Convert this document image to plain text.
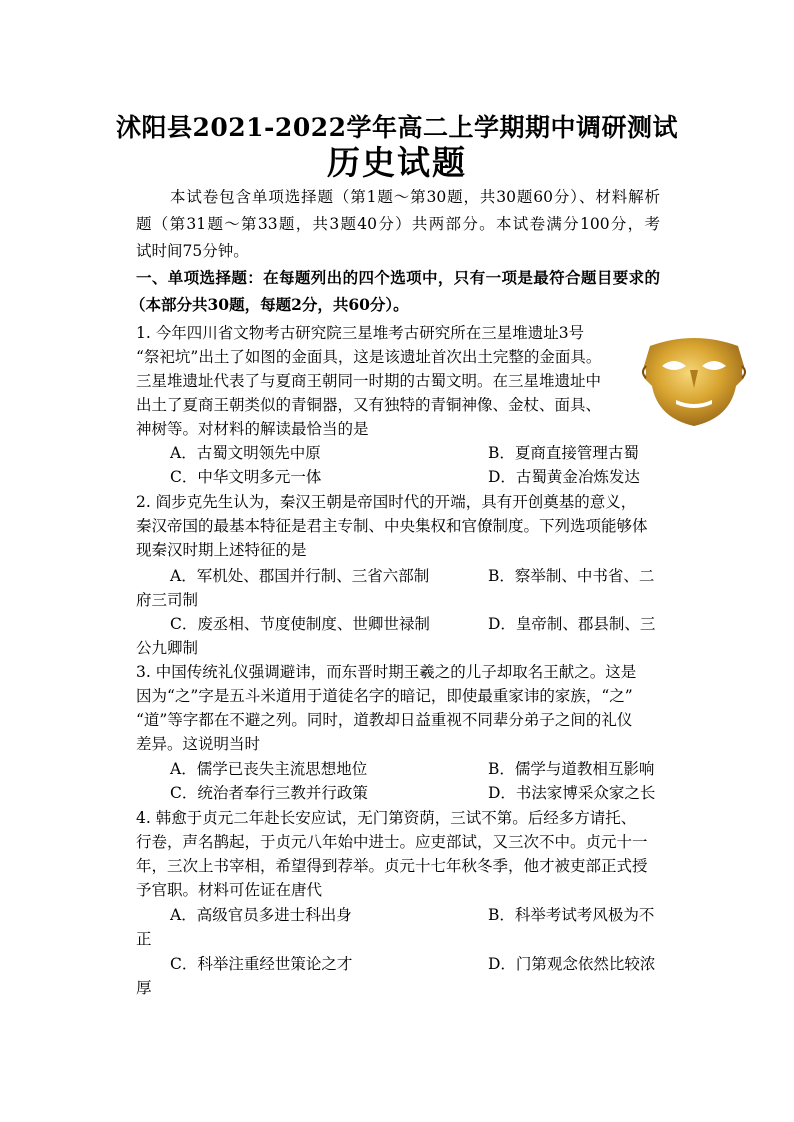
沭阳县2021-2022学年高二上学期期中调研测试
历史试题
本试卷包含单项选择题（第1题～第30题，共30题60分）、材料解析
题（第31题～第33题，共3题40分）共两部分。本试卷满分100分，考
试时间75分钟。
一、单项选择题：在每题列出的四个选项中，只有一项是最符合题目要求的
（本部分共30题，每题2分，共60分）。
1. 今年四川省文物考古研究院三星堆考古研究所在三星堆遗址3号
“祭祀坑”出土了如图的金面具，这是该遗址首次出土完整的金面具。
三星堆遗址代表了与夏商王朝同一时期的古蜀文明。在三星堆遗址中
出土了夏商王朝类似的青铜器，又有独特的青铜神像、金杖、面具、
神树等。对材料的解读最恰当的是
A．古蜀文明领先中原	B．夏商直接管理古蜀
C．中华文明多元一体	D．古蜀黄金冶炼发达
2. 阎步克先生认为，秦汉王朝是帝国时代的开端，具有开创奠基的意义，
秦汉帝国的最基本特征是君主专制、中央集权和官僚制度。下列选项能够体
现秦汉时期上述特征的是
A．军机处、郡国并行制、三省六部制	B．察举制、中书省、二
府三司制
C．废丞相、节度使制度、世卿世禄制	D．皇帝制、郡县制、三
公九卿制
3. 中国传统礼仪强调避讳，而东晋时期王羲之的儿子却取名王献之。这是
因为“之”字是五斗米道用于道徒名字的暗记，即使最重家讳的家族，“之”
“道”等字都在不避之列。同时，道教却日益重视不同辈分弟子之间的礼仪
差异。这说明当时
A．儒学已丧失主流思想地位	B．儒学与道教相互影响
C．统治者奉行三教并行政策	D．书法家博采众家之长
4. 韩愈于贞元二年赴长安应试，无门第资荫，三试不第。后经多方请托、
行卷，声名鹊起，于贞元八年始中进士。应吏部试，又三次不中。贞元十一
年，三次上书宰相，希望得到荐举。贞元十七年秋冬季，他才被吏部正式授
予官职。材料可佐证在唐代
A．高级官员多进士科出身	B．科举考试考风极为不
正
C．科举注重经世策论之才	D．门第观念依然比较浓
厚
